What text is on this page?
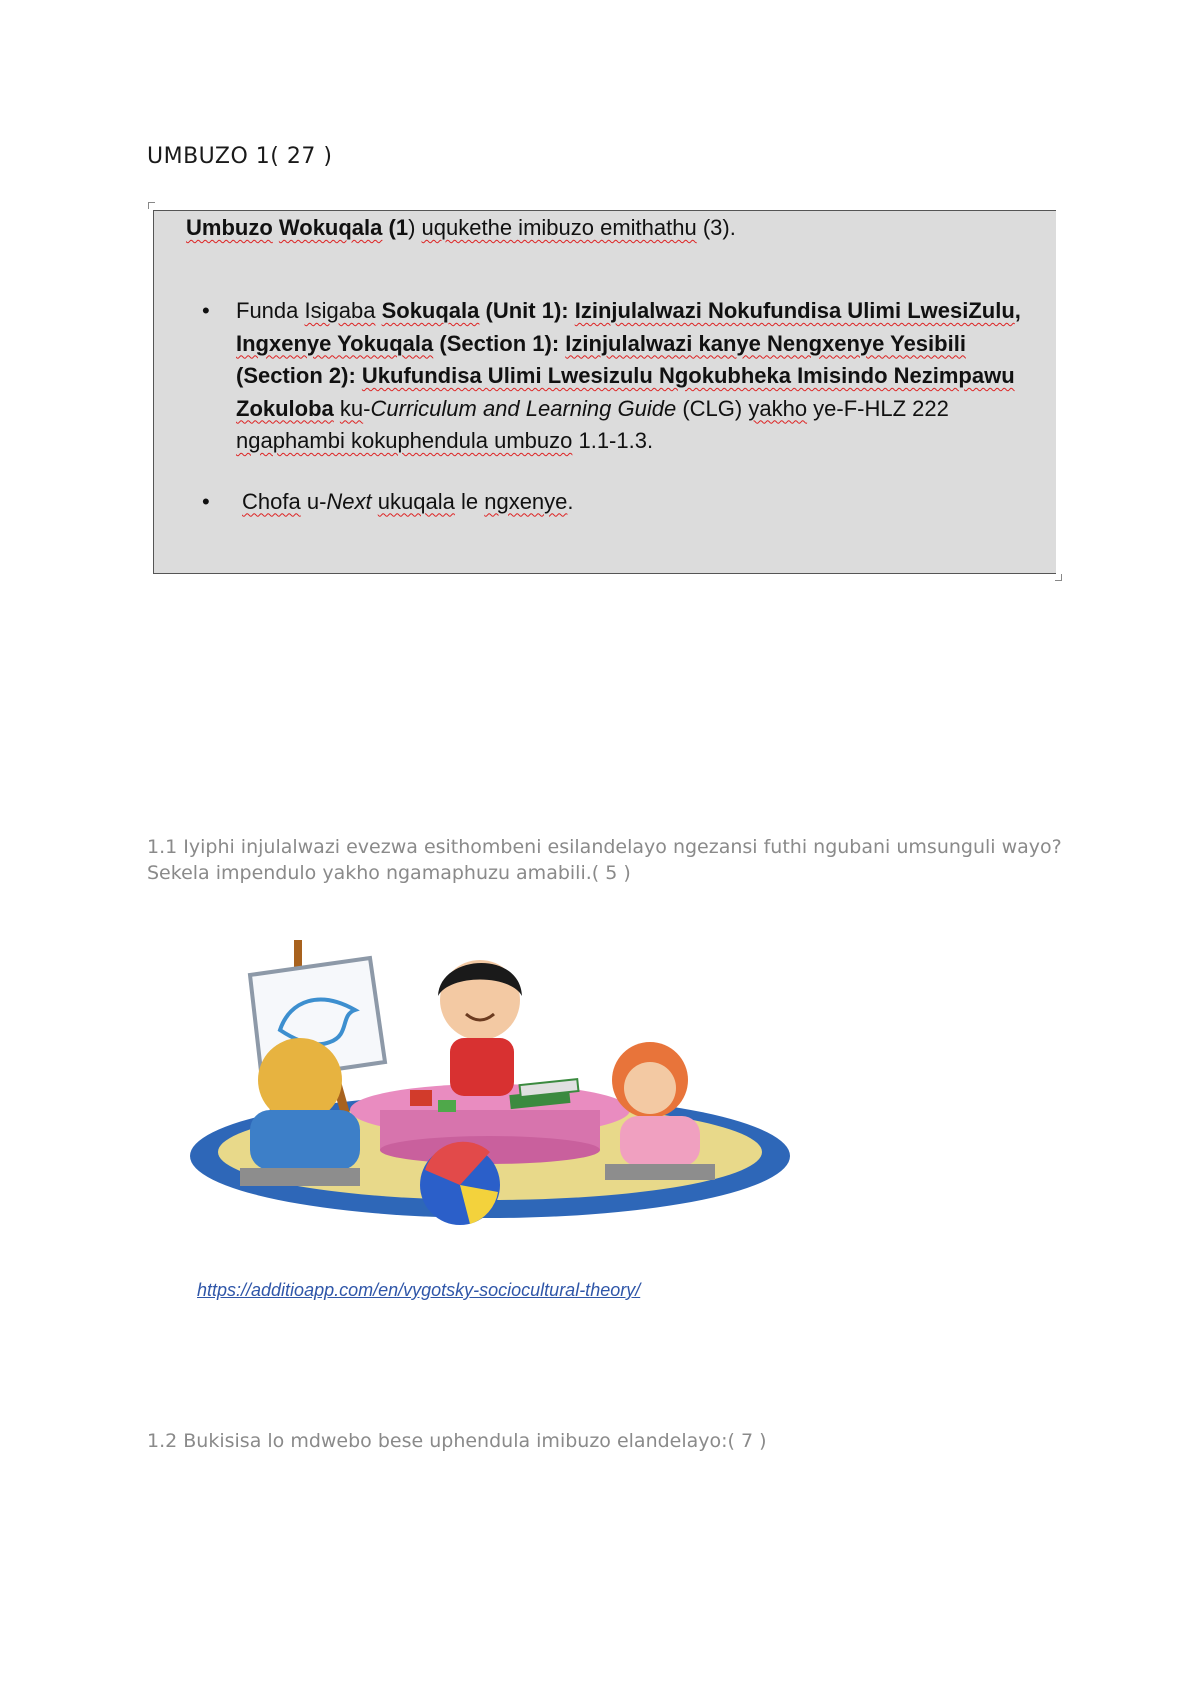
UMBUZO 1( 27 )
Umbuzo Wokuqala (1) uqukethe imibuzo emithathu (3).
• Funda Isigaba Sokuqala (Unit 1): Izinjulalwazi Nokufundisa Ulimi LwesiZulu, Ingxenye Yokuqala (Section 1): Izinjulalwazi kanye Nengxenye Yesibili (Section 2): Ukufundisa Ulimi Lwesizulu Ngokubheka Imisindo Nezimpawu Zokuloba ku-Curriculum and Learning Guide (CLG) yakho ye-F-HLZ 222 ngaphambi kokuphendula umbuzo 1.1-1.3.
• Chofa u-Next ukuqala le ngxenye.
1.1 Iyiphi injulalwazi evezwa esithombeni esilandelayo ngezansi futhi ngubani umsunguli wayo? Sekela impendulo yakho ngamaphuzu amabili.( 5 )
https://additioapp.com/en/vygotsky-sociocultural-theory/
1.2 Bukisisa lo mdwebo bese uphendula imibuzo elandelayo:( 7 )
